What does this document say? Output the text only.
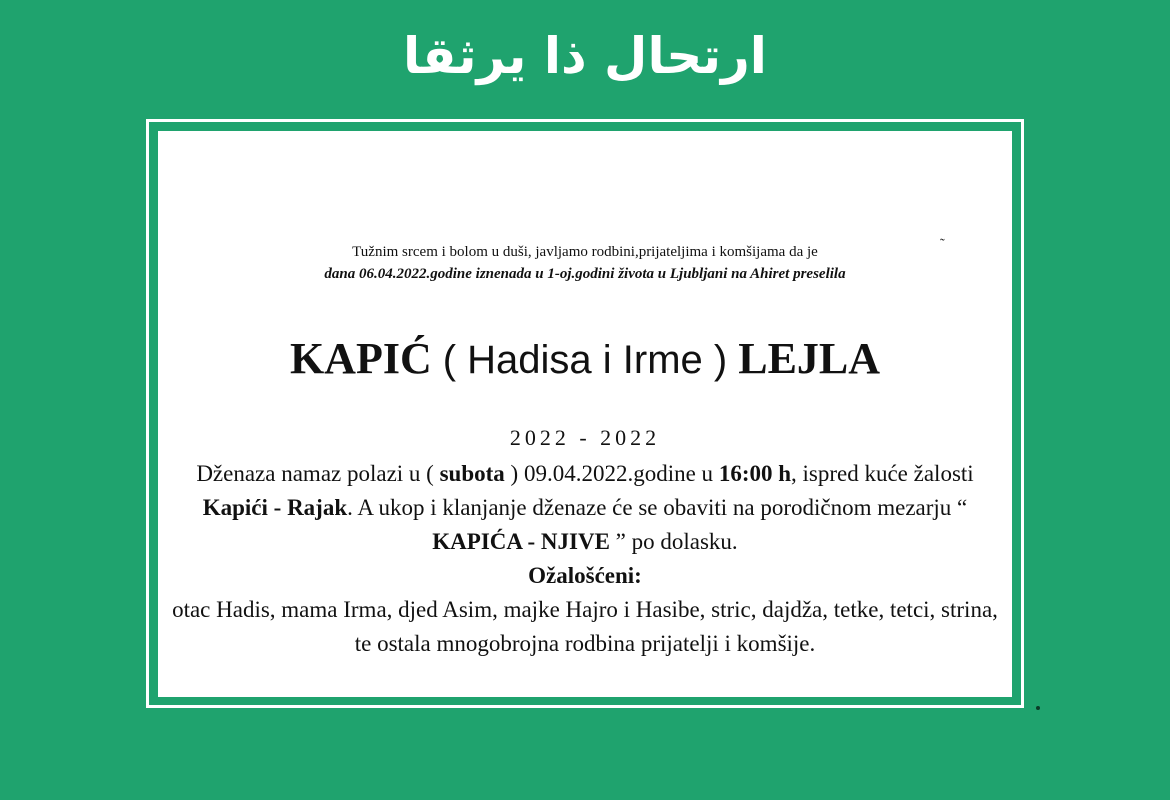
ارتحال ذا يرثقا
Tužnim srcem i bolom u duši, javljamo rodbini,prijateljima i komšijama da je
dana 06.04.2022.godine iznenada u 1-oj.godini života u Ljubljani na Ahiret preselila
˜
KAPIĆ ( Hadisa i Irme ) LEJLA
2022 - 2022
Dženaza namaz polazi u ( subota ) 09.04.2022.godine u 16:00 h, ispred kuće žalosti Kapići - Rajak. A ukop i klanjanje dženaze će se obaviti na porodičnom mezarju “ KAPIĆA - NJIVE ” po dolasku.
Ožalošćeni:
otac Hadis, mama Irma, djed Asim, majke Hajro i Hasibe, stric, dajdža, tetke, tetci, strina, te ostala mnogobrojna rodbina prijatelji i komšije.
